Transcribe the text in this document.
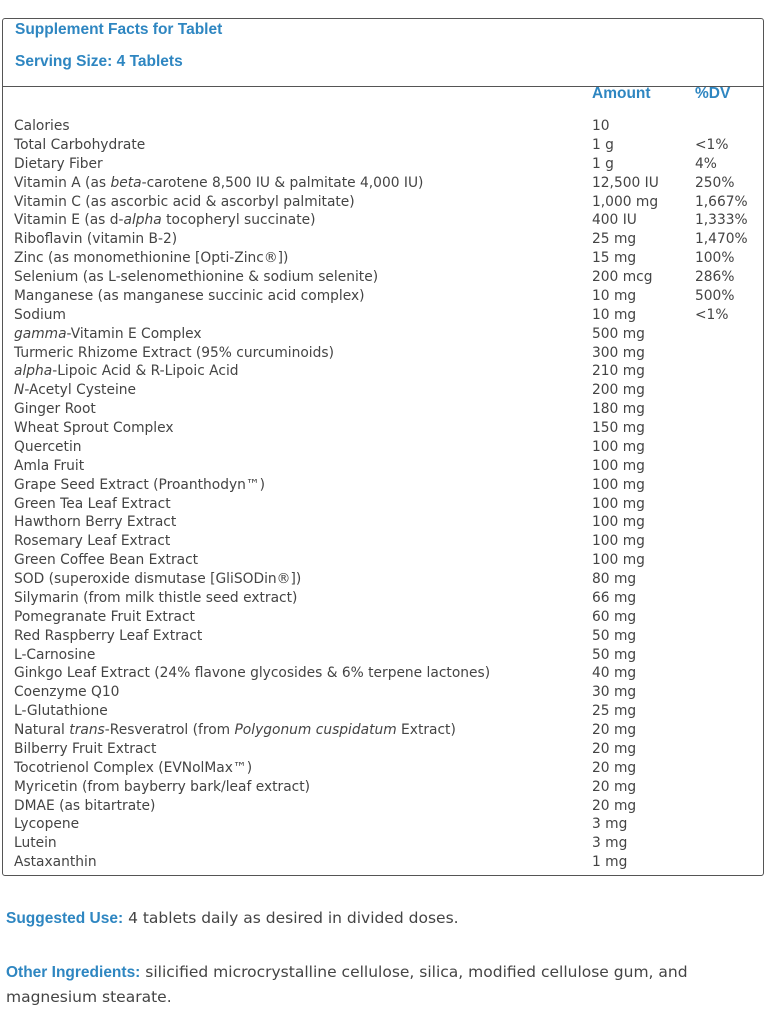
Supplement Facts for Tablet
Serving Size: 4 Tablets
Amount	%DV
Calories	10
Total Carbohydrate	1 g	<1%
Dietary Fiber	1 g	4%
Vitamin A (as beta-carotene 8,500 IU & palmitate 4,000 IU)	12,500 IU	250%
Vitamin C (as ascorbic acid & ascorbyl palmitate)	1,000 mg	1,667%
Vitamin E (as d-alpha tocopheryl succinate)	400 IU	1,333%
Riboflavin (vitamin B-2)	25 mg	1,470%
Zinc (as monomethionine [Opti-Zinc®])	15 mg	100%
Selenium (as L-selenomethionine & sodium selenite)	200 mcg	286%
Manganese (as manganese succinic acid complex)	10 mg	500%
Sodium	10 mg	<1%
gamma-Vitamin E Complex	500 mg
Turmeric Rhizome Extract (95% curcuminoids)	300 mg
alpha-Lipoic Acid & R-Lipoic Acid	210 mg
N-Acetyl Cysteine	200 mg
Ginger Root	180 mg
Wheat Sprout Complex	150 mg
Quercetin	100 mg
Amla Fruit	100 mg
Grape Seed Extract (Proanthodyn™)	100 mg
Green Tea Leaf Extract	100 mg
Hawthorn Berry Extract	100 mg
Rosemary Leaf Extract	100 mg
Green Coffee Bean Extract	100 mg
SOD (superoxide dismutase [GliSODin®])	80 mg
Silymarin (from milk thistle seed extract)	66 mg
Pomegranate Fruit Extract	60 mg
Red Raspberry Leaf Extract	50 mg
L-Carnosine	50 mg
Ginkgo Leaf Extract (24% flavone glycosides & 6% terpene lactones)	40 mg
Coenzyme Q10	30 mg
L-Glutathione	25 mg
Natural trans-Resveratrol (from Polygonum cuspidatum Extract)	20 mg
Bilberry Fruit Extract	20 mg
Tocotrienol Complex (EVNolMax™)	20 mg
Myricetin (from bayberry bark/leaf extract)	20 mg
DMAE (as bitartrate)	20 mg
Lycopene	3 mg
Lutein	3 mg
Astaxanthin	1 mg
Suggested Use: 4 tablets daily as desired in divided doses.
Other Ingredients: silicified microcrystalline cellulose, silica, modified cellulose gum, and magnesium stearate.
